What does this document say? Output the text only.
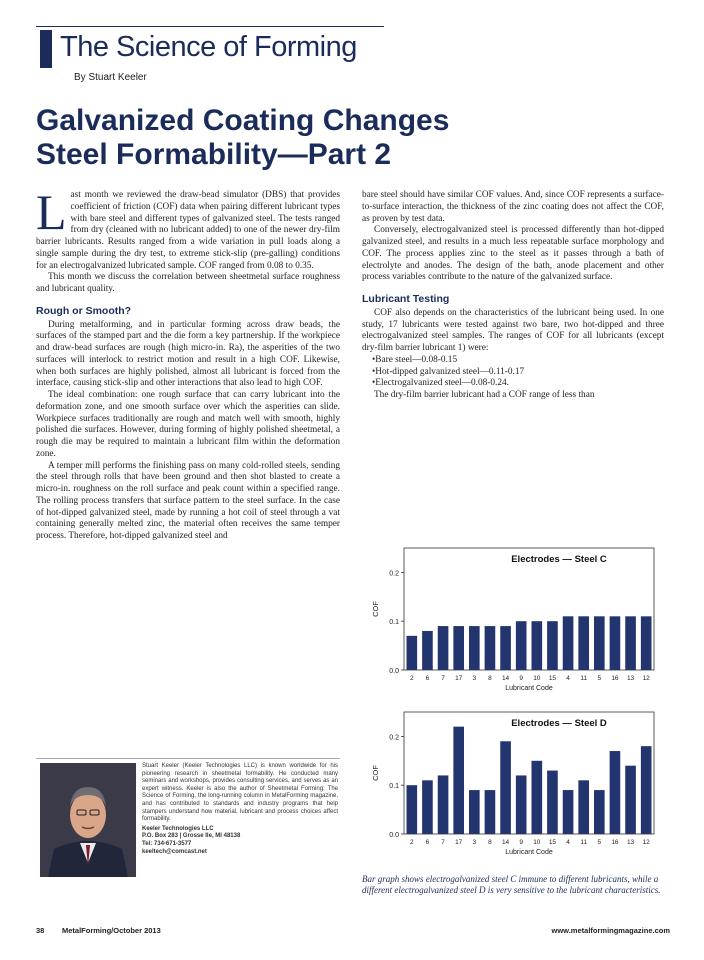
The Science of Forming
By Stuart Keeler
Galvanized Coating Changes
Steel Formability—Part 2

Last month we reviewed the draw-bead simulator (DBS) that provides coefficient of friction (COF) data when pairing different lubricant types with bare steel and different types of galvanized steel. The tests ranged from dry (cleaned with no lubricant added) to one of the newer dry-film barrier lubricants. Results ranged from a wide variation in pull loads along a single sample during the dry test, to extreme stick-slip (pre-galling) conditions for an electrogalvanized lubricated sample. COF ranged from 0.08 to 0.35.

This month we discuss the correlation between sheetmetal surface roughness and lubricant quality.

Rough or Smooth?

During metalforming, and in particular forming across draw beads, the surfaces of the stamped part and the die form a key partnership. If the workpiece and draw-bead surfaces are rough (high micro-in. Ra), the asperities of the two surfaces will interlock to restrict motion and result in a high COF. Likewise, when both surfaces are highly polished, almost all lubricant is forced from the interface, causing stick-slip and other interactions that also lead to high COF.

The ideal combination: one rough surface that can carry lubricant into the deformation zone, and one smooth surface over which the asperities can slide. Workpiece surfaces traditionally are rough and match well with smooth, highly polished die surfaces. However, during forming of highly polished sheetmetal, a rough die may be required to maintain a lubricant film within the deformation zone.

A temper mill performs the finishing pass on many cold-rolled steels, sending the steel through rolls that have been ground and then shot blasted to create a micro-in. roughness on the roll surface and peak count within a specified range. The rolling process transfers that surface pattern to the steel surface. In the case of hot-dipped galvanized steel, made by running a hot coil of steel through a vat containing generally melted zinc, the material often receives the same temper process. Therefore, hot-dipped galvanized steel and

bare steel should have similar COF values. And, since COF represents a surface-to-surface interaction, the thickness of the zinc coating does not affect the COF, as proven by test data.

Conversely, electrogalvanized steel is processed differently than hot-dipped galvanized steel, and results in a much less repeatable surface morphology and COF. The process applies zinc to the steel as it passes through a bath of electrolyte and anodes. The design of the bath, anode placement and other process variables contribute to the nature of the galvanized surface.

Lubricant Testing

COF also depends on the characteristics of the lubricant being used. In one study, 17 lubricants were tested against two bare, two hot-dipped and three electrogalvanized steel samples. The ranges of COF for all lubricants (except dry-film barrier lubricant 1) were:

• Bare steel—0.08-0.15
• Hot-dipped galvanized steel—0.11-0.17
• Electrogalvanized steel—0.08-0.24.

The dry-film barrier lubricant had a COF range of less than

Stuart Keeler (Keeler Technologies LLC) is known worldwide for his pioneering research in sheetmetal formability. He conducted many seminars and workshops, provides consulting services, and serves as an expert witness. Keeler is also the author of Sheetmetal Forming: The Science of Forming, the long-running column in MetalForming magazine, and has contributed to standards and industry programs that help stampers understand how material, lubricant and process choices affect formability.
Keeler Technologies LLC
P.O. Box 283 | Grosse Ile, MI 48138
Tel: 734-671-3577
keeltech@comcast.net
Electrodes — Steel C
0.2
0.1
0.0
COF
2 6 7 17 3 8 14 9 10 15 4 11 5 16 13 12
Lubricant Code
Electrodes — Steel D
0.2
0.1
0.0
COF
2 6 7 17 3 8 14 9 10 15 4 11 5 16 13 12
Lubricant Code
Bar graph shows electrogalvanized steel C immune to different lubricants, while a different electrogalvanized steel D is very sensitive to the lubricant characteristics.
38 MetalForming/October 2013	www.metalformingmagazine.com
